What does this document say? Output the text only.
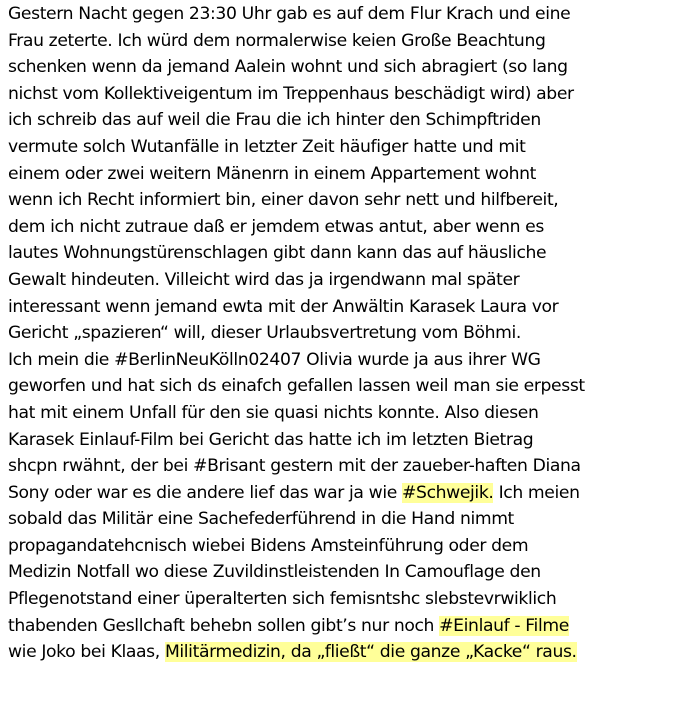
Gestern Nacht gegen 23:30 Uhr gab es auf dem Flur Krach und eine
Frau zeterte. Ich würd dem normalerwise keien Große Beachtung
schenken wenn da jemand Aalein wohnt und sich abragiert (so lang
nichst vom Kollektiveigentum im Treppenhaus beschädigt wird) aber
ich schreib das auf weil die Frau die ich hinter den Schimpftriden
vermute solch Wutanfälle in letzter Zeit häufiger hatte und mit
einem oder zwei weitern Mänenrn in einem Appartement wohnt
wenn ich Recht informiert bin, einer davon sehr nett und hilfbereit,
dem ich nicht zutraue daß er jemdem etwas antut, aber wenn es
lautes Wohnungstürenschlagen gibt dann kann das auf häusliche
Gewalt hindeuten. Villeicht wird das ja irgendwann mal später
interessant wenn jemand ewta mit der Anwältin Karasek Laura vor
Gericht „spazieren“ will, dieser Urlaubsvertretung vom Böhmi.
Ich mein die #BerlinNeuKölln02407 Olivia wurde ja aus ihrer WG
geworfen und hat sich ds einafch gefallen lassen weil man sie erpesst
hat mit einem Unfall für den sie quasi nichts konnte. Also diesen
Karasek Einlauf-Film bei Gericht das hatte ich im letzten Bietrag
shcpn rwähnt, der bei #Brisant gestern mit der zaueber-haften Diana
Sony oder war es die andere lief das war ja wie #Schwejik. Ich meien
sobald das Militär eine Sachefederführend in die Hand nimmt
propagandatehcnisch wiebei Bidens Amsteinführung oder dem
Medizin Notfall wo diese Zuvildinstleistenden In Camouflage den
Pflegenotstand einer üperalterten sich femisntshc slebstevrwiklich
thabenden Gesllchaft behebn sollen gibt’s nur noch #Einlauf - Filme
wie Joko bei Klaas, Militärmedizin, da „fließt“ die ganze „Kacke“ raus.
